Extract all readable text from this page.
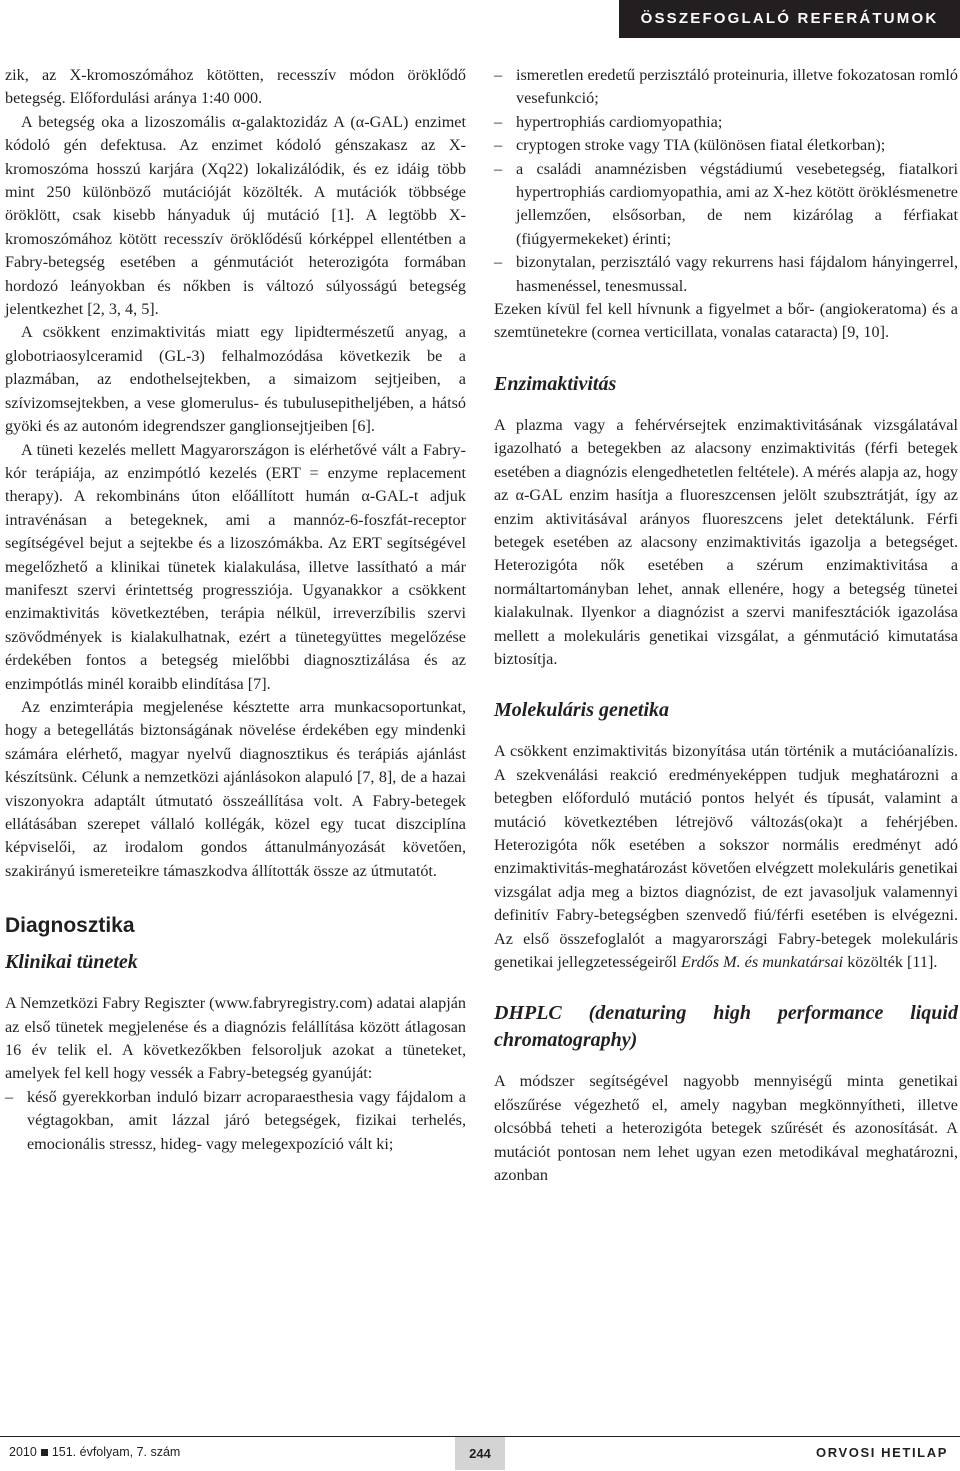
ÖSSZEFOGLALÓ REFERÁTUMOK

zik, az X-kromoszómához kötötten, recesszív módon öröklődő betegség. Előfordulási aránya 1:40 000.

A betegség oka a lizoszomális α-galaktozidáz A (α-GAL) enzimet kódoló gén defektusa. Az enzimet kódoló génszakasz az X-kromoszóma hosszú karjára (Xq22) lokalizálódik, és ez idáig több mint 250 különböző mutációját közölték. A mutációk többsége öröklött, csak kisebb hányaduk új mutáció [1]. A legtöbb X-kromoszómához kötött recesszív öröklődésű kórképpel ellentétben a Fabry-betegség esetében a génmutációt heterozigóta formában hordozó leányokban és nőkben is változó súlyosságú betegség jelentkezhet [2, 3, 4, 5].

A csökkent enzimaktivitás miatt egy lipidtermészetű anyag, a globotriaosylceramid (GL-3) felhalmozódása következik be a plazmában, az endothelsejtekben, a simaizom sejtjeiben, a szívizomsejtekben, a vese glomerulus- és tubulusepitheljében, a hátsó gyöki és az autonóm idegrendszer ganglionsejtjeiben [6].

A tüneti kezelés mellett Magyarországon is elérhetővé vált a Fabry-kór terápiája, az enzimpótló kezelés (ERT = enzyme replacement therapy). A rekombináns úton előállított humán α-GAL-t adjuk intravénásan a betegeknek, ami a mannóz-6-foszfát-receptor segítségével bejut a sejtekbe és a lizoszómákba. Az ERT segítségével megelőzhető a klinikai tünetek kialakulása, illetve lassítható a már manifeszt szervi érintettség progressziója. Ugyanakkor a csökkent enzimaktivitás következtében, terápia nélkül, irreverzíbilis szervi szövődmények is kialakulhatnak, ezért a tünetegyüttes megelőzése érdekében fontos a betegség mielőbbi diagnosztizálása és az enzimpótlás minél koraibb elindítása [7].

Az enzimterápia megjelenése késztette arra munkacsoportunkat, hogy a betegellátás biztonságának növelése érdekében egy mindenki számára elérhető, magyar nyelvű diagnosztikus és terápiás ajánlást készítsünk. Célunk a nemzetközi ajánlásokon alapuló [7, 8], de a hazai viszonyokra adaptált útmutató összeállítása volt. A Fabry-betegek ellátásában szerepet vállaló kollégák, közel egy tucat diszciplína képviselői, az irodalom gondos áttanulmányozását követően, szakirányú ismereteikre támaszkodva állították össze az útmutatót.

Diagnosztika
Klinikai tünetek

A Nemzetközi Fabry Regiszter (www.fabryregistry.com) adatai alapján az első tünetek megjelenése és a diagnózis felállítása között átlagosan 16 év telik el. A következőkben felsoroljuk azokat a tüneteket, amelyek fel kell hogy vessék a Fabry-betegség gyanúját:

– késő gyerekkorban induló bizarr acroparaesthesia vagy fájdalom a végtagokban, amit lázzal járó betegségek, fizikai terhelés, emocionális stressz, hideg- vagy melegexpozíció vált ki;
– ismeretlen eredetű perzisztáló proteinuria, illetve fokozatosan romló vesefunkció;
– hypertrophiás cardiomyopathia;
– cryptogen stroke vagy TIA (különösen fiatal életkorban);
– a családi anamnézisben végstádiumú vesebetegség, fiatalkori hypertrophiás cardiomyopathia, ami az X-hez kötött öröklésmenetre jellemzően, elsősorban, de nem kizárólag a férfiakat (fiúgyermekeket) érinti;
– bizonytalan, perzisztáló vagy rekurrens hasi fájdalom hányingerrel, hasmenéssel, tenesmussal.

Ezeken kívül fel kell hívnunk a figyelmet a bőr- (angiokeratoma) és a szemtünetekre (cornea verticillata, vonalas cataracta) [9, 10].

Enzimaktivitás

A plazma vagy a fehérvérsejtek enzimaktivitásának vizsgálatával igazolható a betegekben az alacsony enzimaktivitás (férfi betegek esetében a diagnózis elengedhetetlen feltétele). A mérés alapja az, hogy az α-GAL enzim hasítja a fluoreszcensen jelölt szubsztrátját, így az enzim aktivitásával arányos fluoreszcens jelet detektálunk. Férfi betegek esetében az alacsony enzimaktivitás igazolja a betegséget. Heterozigóta nők esetében a szérum enzimaktivitása a normáltartományban lehet, annak ellenére, hogy a betegség tünetei kialakulnak. Ilyenkor a diagnózist a szervi manifesztációk igazolása mellett a molekuláris genetikai vizsgálat, a génmutáció kimutatása biztosítja.

Molekuláris genetika

A csökkent enzimaktivitás bizonyítása után történik a mutációanalízis. A szekvenálási reakció eredményeképpen tudjuk meghatározni a betegben előforduló mutáció pontos helyét és típusát, valamint a mutáció következtében létrejövő változás(oka)t a fehérjében. Heterozigóta nők esetében a sokszor normális eredményt adó enzimaktivitás-meghatározást követően elvégzett molekuláris genetikai vizsgálat adja meg a biztos diagnózist, de ezt javasoljuk valamennyi definitív Fabry-betegségben szenvedő fiú/férfi esetében is elvégezni. Az első összefoglalót a magyarországi Fabry-betegek molekuláris genetikai jellegzetességeiről Erdős M. és munkatársai közölték [11].

DHPLC (denaturing high performance liquid chromatography)

A módszer segítségével nagyobb mennyiségű minta genetikai előszűrése végezhető el, amely nagyban megkönnyítheti, illetve olcsóbbá teheti a heterozigóta betegek szűrését és azonosítását. A mutációt pontosan nem lehet ugyan ezen metodikával meghatározni, azonban

2010 151. évfolyam, 7. szám	244	ORVOSI HETILAP
